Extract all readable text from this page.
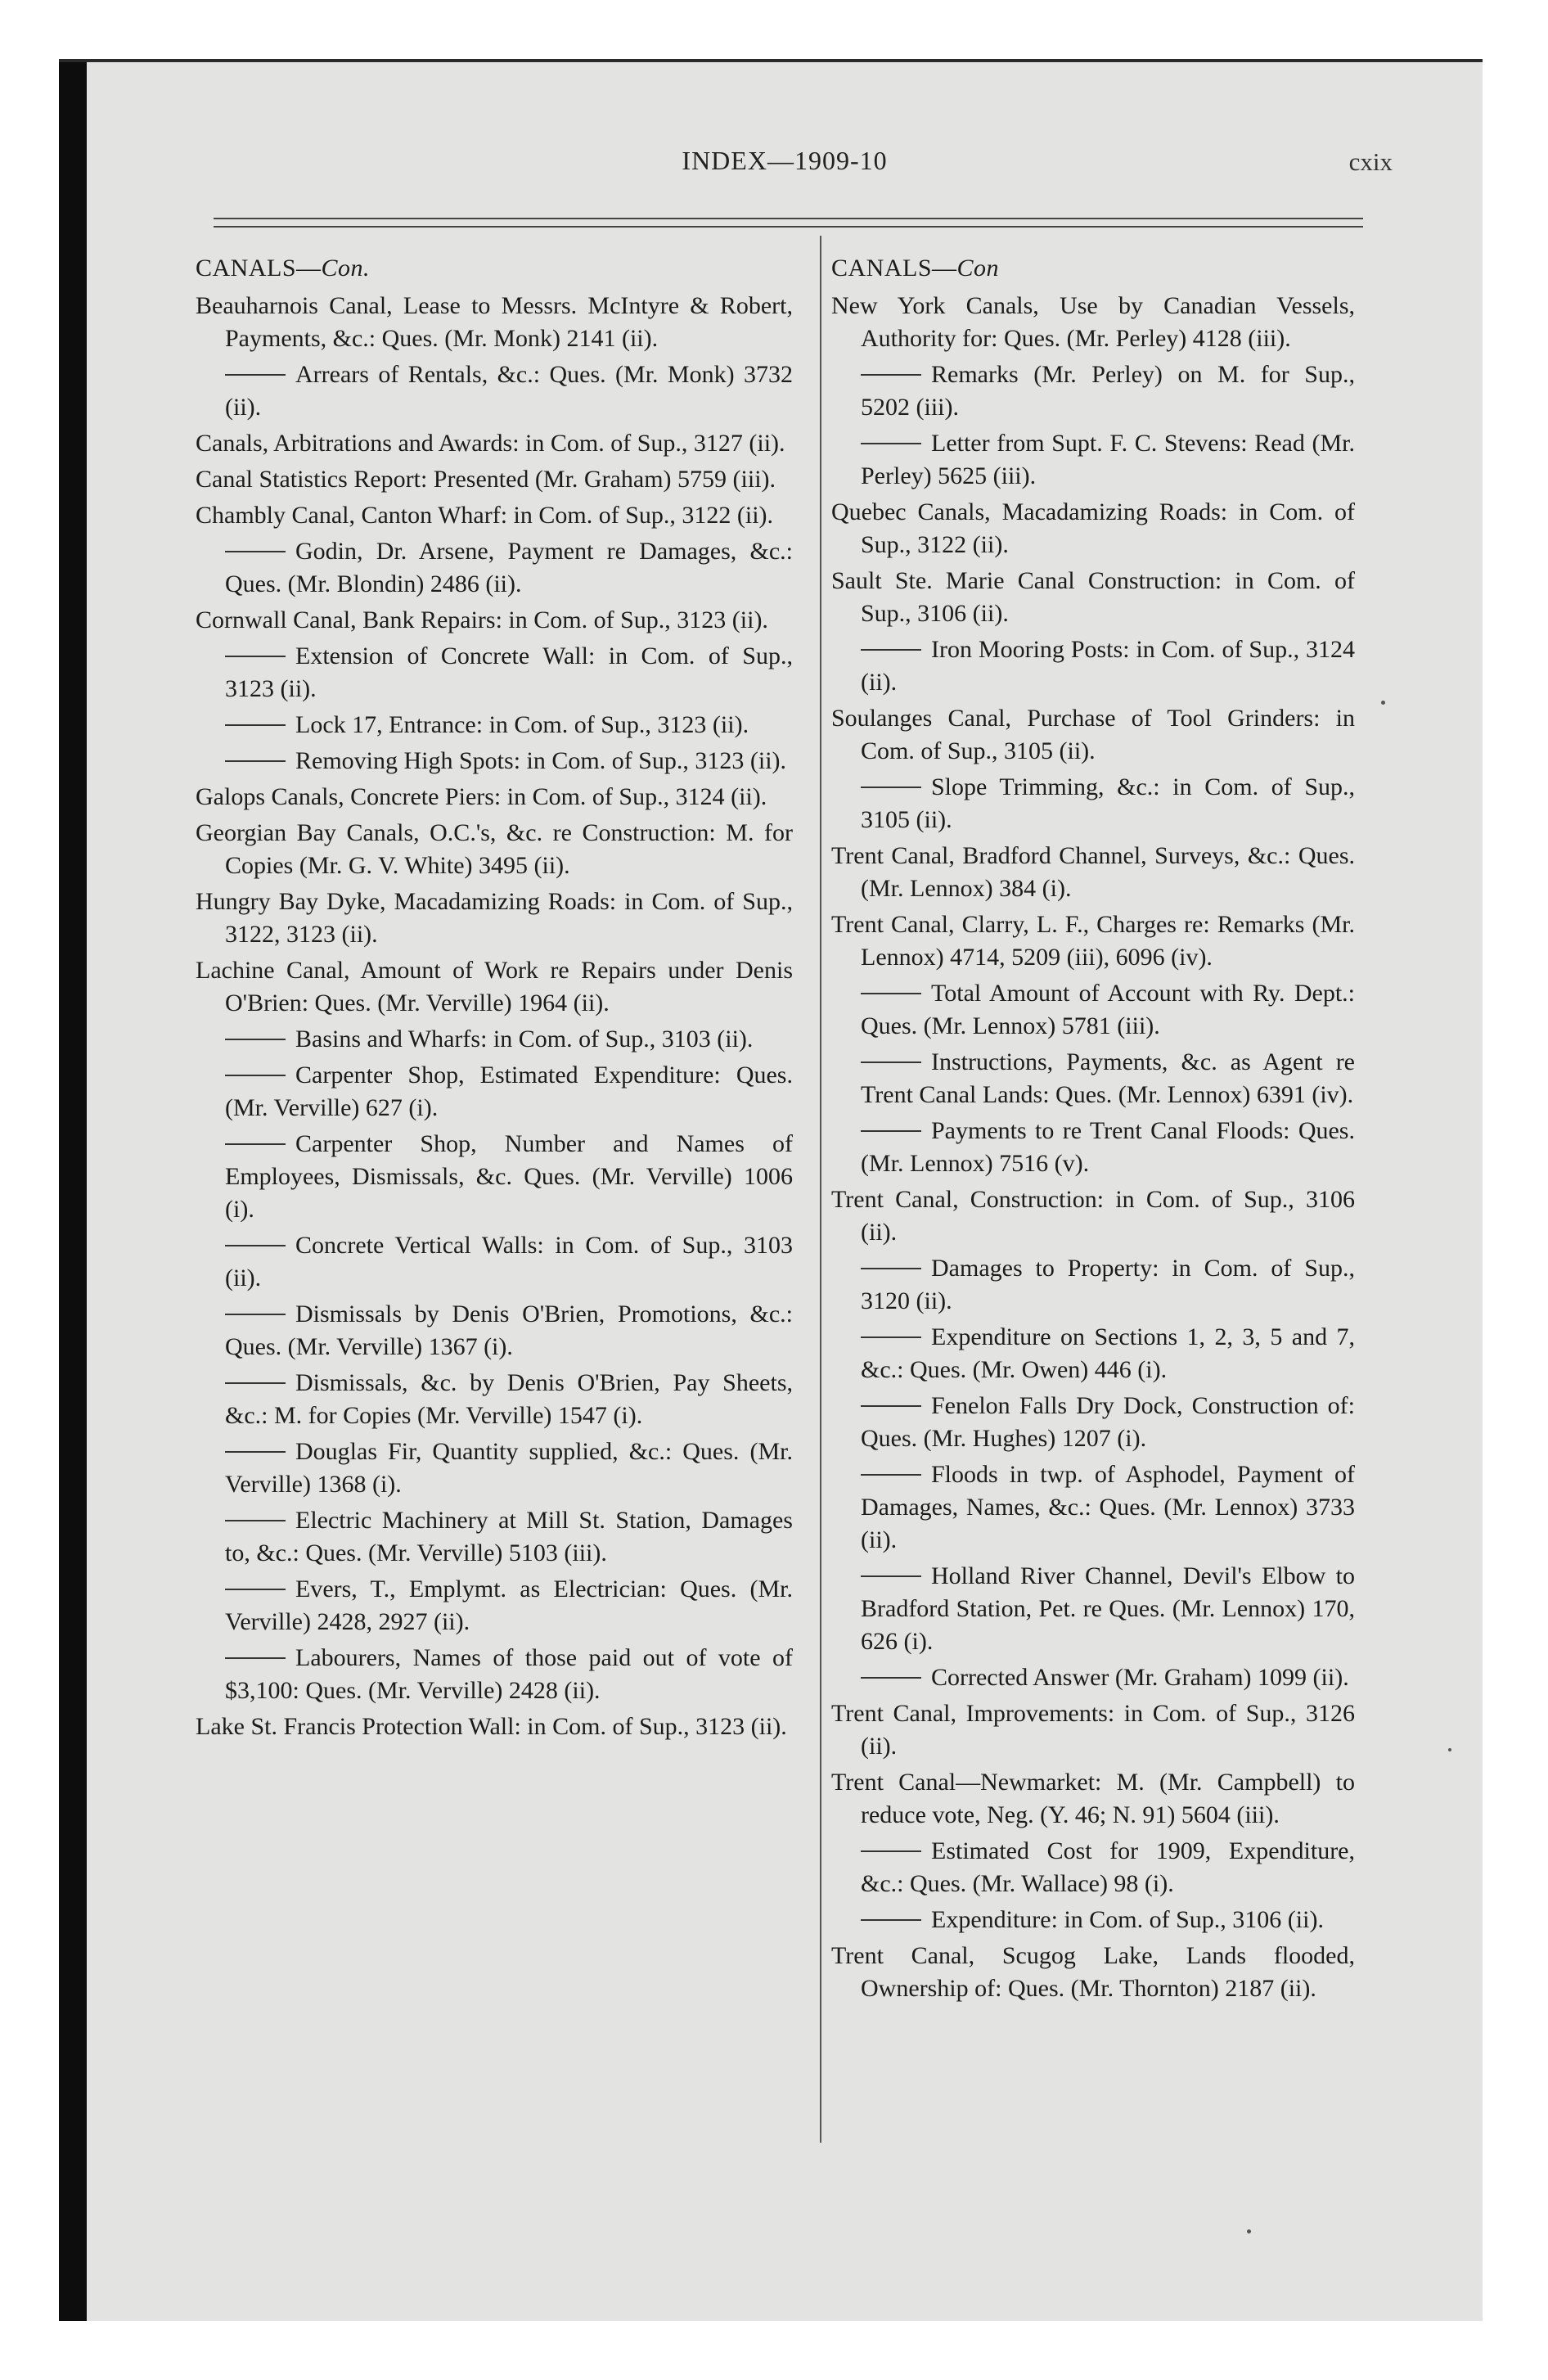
INDEX—1909-10	cxix
CANALS—Con.
Beauharnois Canal, Lease to Messrs. McIntyre & Robert, Payments, &c.: Ques. (Mr. Monk) 2141 (ii).
Arrears of Rentals, &c.: Ques. (Mr. Monk) 3732 (ii).
Canals, Arbitrations and Awards: in Com. of Sup., 3127 (ii).
Canal Statistics Report: Presented (Mr. Graham) 5759 (iii).
Chambly Canal, Canton Wharf: in Com. of Sup., 3122 (ii).
Godin, Dr. Arsene, Payment re Damages, &c.: Ques. (Mr. Blondin) 2486 (ii).
Cornwall Canal, Bank Repairs: in Com. of Sup., 3123 (ii).
Extension of Concrete Wall: in Com. of Sup., 3123 (ii).
Lock 17, Entrance: in Com. of Sup., 3123 (ii).
Removing High Spots: in Com. of Sup., 3123 (ii).
Galops Canals, Concrete Piers: in Com. of Sup., 3124 (ii).
Georgian Bay Canals, O.C.'s, &c. re Construction: M. for Copies (Mr. G. V. White) 3495 (ii).
Hungry Bay Dyke, Macadamizing Roads: in Com. of Sup., 3122, 3123 (ii).
Lachine Canal, Amount of Work re Repairs under Denis O'Brien: Ques. (Mr. Verville) 1964 (ii).
Basins and Wharfs: in Com. of Sup., 3103 (ii).
Carpenter Shop, Estimated Expenditure: Ques. (Mr. Verville) 627 (i).
Carpenter Shop, Number and Names of Employees, Dismissals, &c. Ques. (Mr. Verville) 1006 (i).
Concrete Vertical Walls: in Com. of Sup., 3103 (ii).
Dismissals by Denis O'Brien, Promotions, &c.: Ques. (Mr. Verville) 1367 (i).
Dismissals, &c. by Denis O'Brien, Pay Sheets, &c.: M. for Copies (Mr. Verville) 1547 (i).
Douglas Fir, Quantity supplied, &c.: Ques. (Mr. Verville) 1368 (i).
Electric Machinery at Mill St. Station, Damages to, &c.: Ques. (Mr. Verville) 5103 (iii).
Evers, T., Emplymt. as Electrician: Ques. (Mr. Verville) 2428, 2927 (ii).
Labourers, Names of those paid out of vote of $3,100: Ques. (Mr. Verville) 2428 (ii).
Lake St. Francis Protection Wall: in Com. of Sup., 3123 (ii).
CANALS—Con
New York Canals, Use by Canadian Vessels, Authority for: Ques. (Mr. Perley) 4128 (iii).
Remarks (Mr. Perley) on M. for Sup., 5202 (iii).
Letter from Supt. F. C. Stevens: Read (Mr. Perley) 5625 (iii).
Quebec Canals, Macadamizing Roads: in Com. of Sup., 3122 (ii).
Sault Ste. Marie Canal Construction: in Com. of Sup., 3106 (ii).
Iron Mooring Posts: in Com. of Sup., 3124 (ii).
Soulanges Canal, Purchase of Tool Grinders: in Com. of Sup., 3105 (ii).
Slope Trimming, &c.: in Com. of Sup., 3105 (ii).
Trent Canal, Bradford Channel, Surveys, &c.: Ques. (Mr. Lennox) 384 (i).
Trent Canal, Clarry, L. F., Charges re: Remarks (Mr. Lennox) 4714, 5209 (iii), 6096 (iv).
Total Amount of Account with Ry. Dept.: Ques. (Mr. Lennox) 5781 (iii).
Instructions, Payments, &c. as Agent re Trent Canal Lands: Ques. (Mr. Lennox) 6391 (iv).
Payments to re Trent Canal Floods: Ques. (Mr. Lennox) 7516 (v).
Trent Canal, Construction: in Com. of Sup., 3106 (ii).
Damages to Property: in Com. of Sup., 3120 (ii).
Expenditure on Sections 1, 2, 3, 5 and 7, &c.: Ques. (Mr. Owen) 446 (i).
Fenelon Falls Dry Dock, Construction of: Ques. (Mr. Hughes) 1207 (i).
Floods in twp. of Asphodel, Payment of Damages, Names, &c.: Ques. (Mr. Lennox) 3733 (ii).
Holland River Channel, Devil's Elbow to Bradford Station, Pet. re Ques. (Mr. Lennox) 170, 626 (i).
Corrected Answer (Mr. Graham) 1099 (ii).
Trent Canal, Improvements: in Com. of Sup., 3126 (ii).
Trent Canal—Newmarket: M. (Mr. Campbell) to reduce vote, Neg. (Y. 46; N. 91) 5604 (iii).
Estimated Cost for 1909, Expenditure, &c.: Ques. (Mr. Wallace) 98 (i).
Expenditure: in Com. of Sup., 3106 (ii).
Trent Canal, Scugog Lake, Lands flooded, Ownership of: Ques. (Mr. Thornton) 2187 (ii).
